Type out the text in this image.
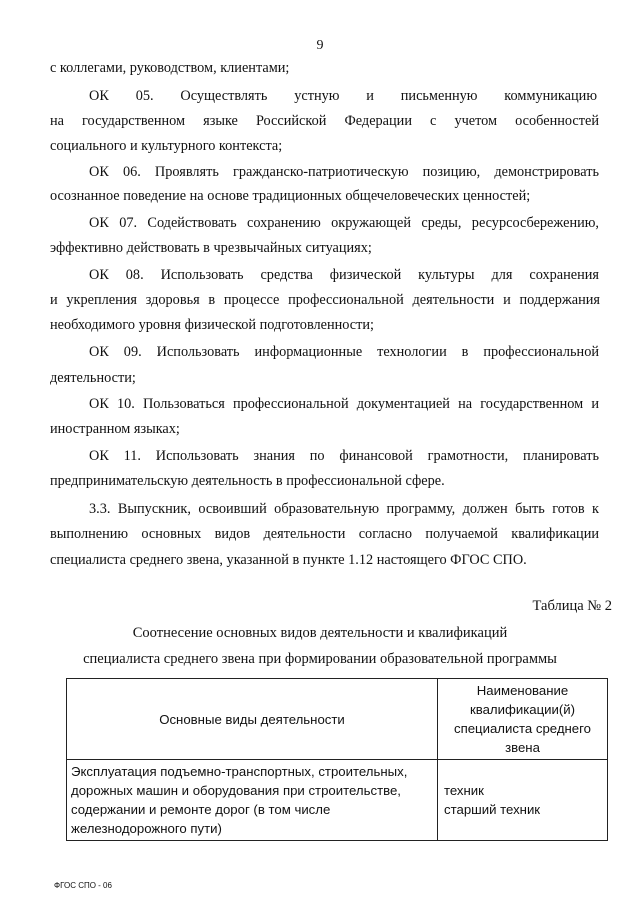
9
с коллегами, руководством, клиентами;
ОК 05. Осуществлять устную и письменную коммуникацию
на государственном языке Российской Федерации с учетом особенностей
социального и культурного контекста;
ОК 06. Проявлять гражданско-патриотическую позицию, демонстрировать
осознанное поведение на основе традиционных общечеловеческих ценностей;
ОК 07. Содействовать сохранению окружающей среды, ресурсосбережению,
эффективно действовать в чрезвычайных ситуациях;
ОК 08. Использовать средства физической культуры для сохранения
и укрепления здоровья в процессе профессиональной деятельности и поддержания
необходимого уровня физической подготовленности;
ОК 09. Использовать информационные технологии в профессиональной
деятельности;
ОК 10. Пользоваться профессиональной документацией на государственном и
иностранном языках;
ОК 11. Использовать знания по финансовой грамотности, планировать
предпринимательскую деятельность в профессиональной сфере.
3.3. Выпускник, освоивший образовательную программу, должен быть готов к
выполнению основных видов деятельности согласно получаемой квалификации
специалиста среднего звена, указанной в пункте 1.12 настоящего ФГОС СПО.
Таблица № 2
Соотнесение основных видов деятельности и квалификаций
специалиста среднего звена при формировании образовательной программы
Основные виды деятельности	Наименование квалификации(й) специалиста среднего звена
Эксплуатация подъемно-транспортных, строительных, дорожных машин и оборудования при строительстве, содержании и ремонте дорог (в том числе железнодорожного пути)	техник
старший техник
ФГОС СПО - 06
